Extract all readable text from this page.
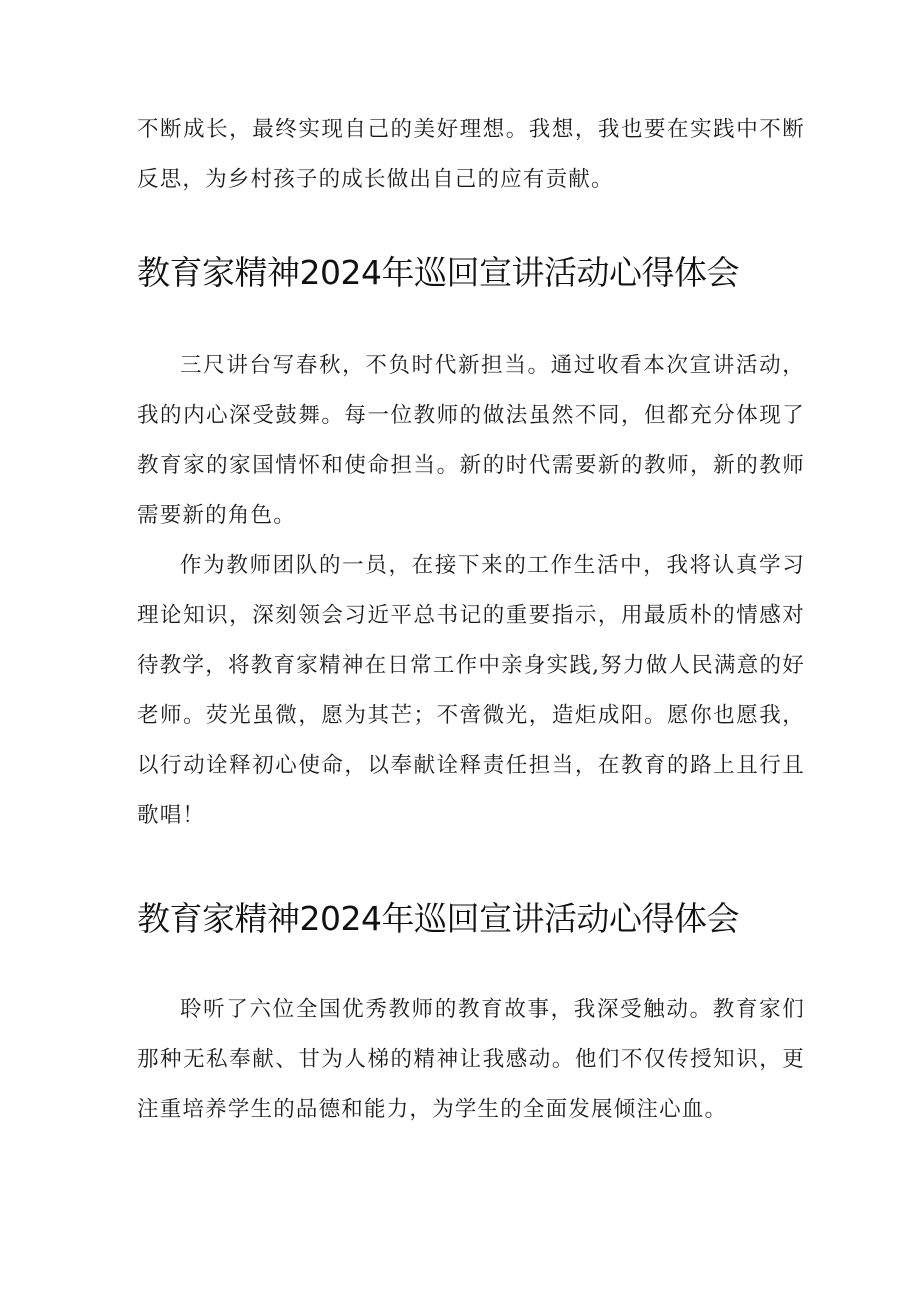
不断成长，最终实现自己的美好理想。我想，我也要在实践中不断反思，为乡村孩子的成长做出自己的应有贡献。

教育家精神2024年巡回宣讲活动心得体会

三尺讲台写春秋，不负时代新担当。通过收看本次宣讲活动，我的内心深受鼓舞。每一位教师的做法虽然不同，但都充分体现了教育家的家国情怀和使命担当。新的时代需要新的教师，新的教师需要新的角色。

作为教师团队的一员，在接下来的工作生活中，我将认真学习理论知识，深刻领会习近平总书记的重要指示，用最质朴的情感对待教学，将教育家精神在日常工作中亲身实践,努力做人民满意的好老师。荧光虽微，愿为其芒；不啻微光，造炬成阳。愿你也愿我，以行动诠释初心使命，以奉献诠释责任担当，在教育的路上且行且歌唱！

教育家精神2024年巡回宣讲活动心得体会

聆听了六位全国优秀教师的教育故事，我深受触动。教育家们那种无私奉献、甘为人梯的精神让我感动。他们不仅传授知识，更注重培养学生的品德和能力，为学生的全面发展倾注心血。
